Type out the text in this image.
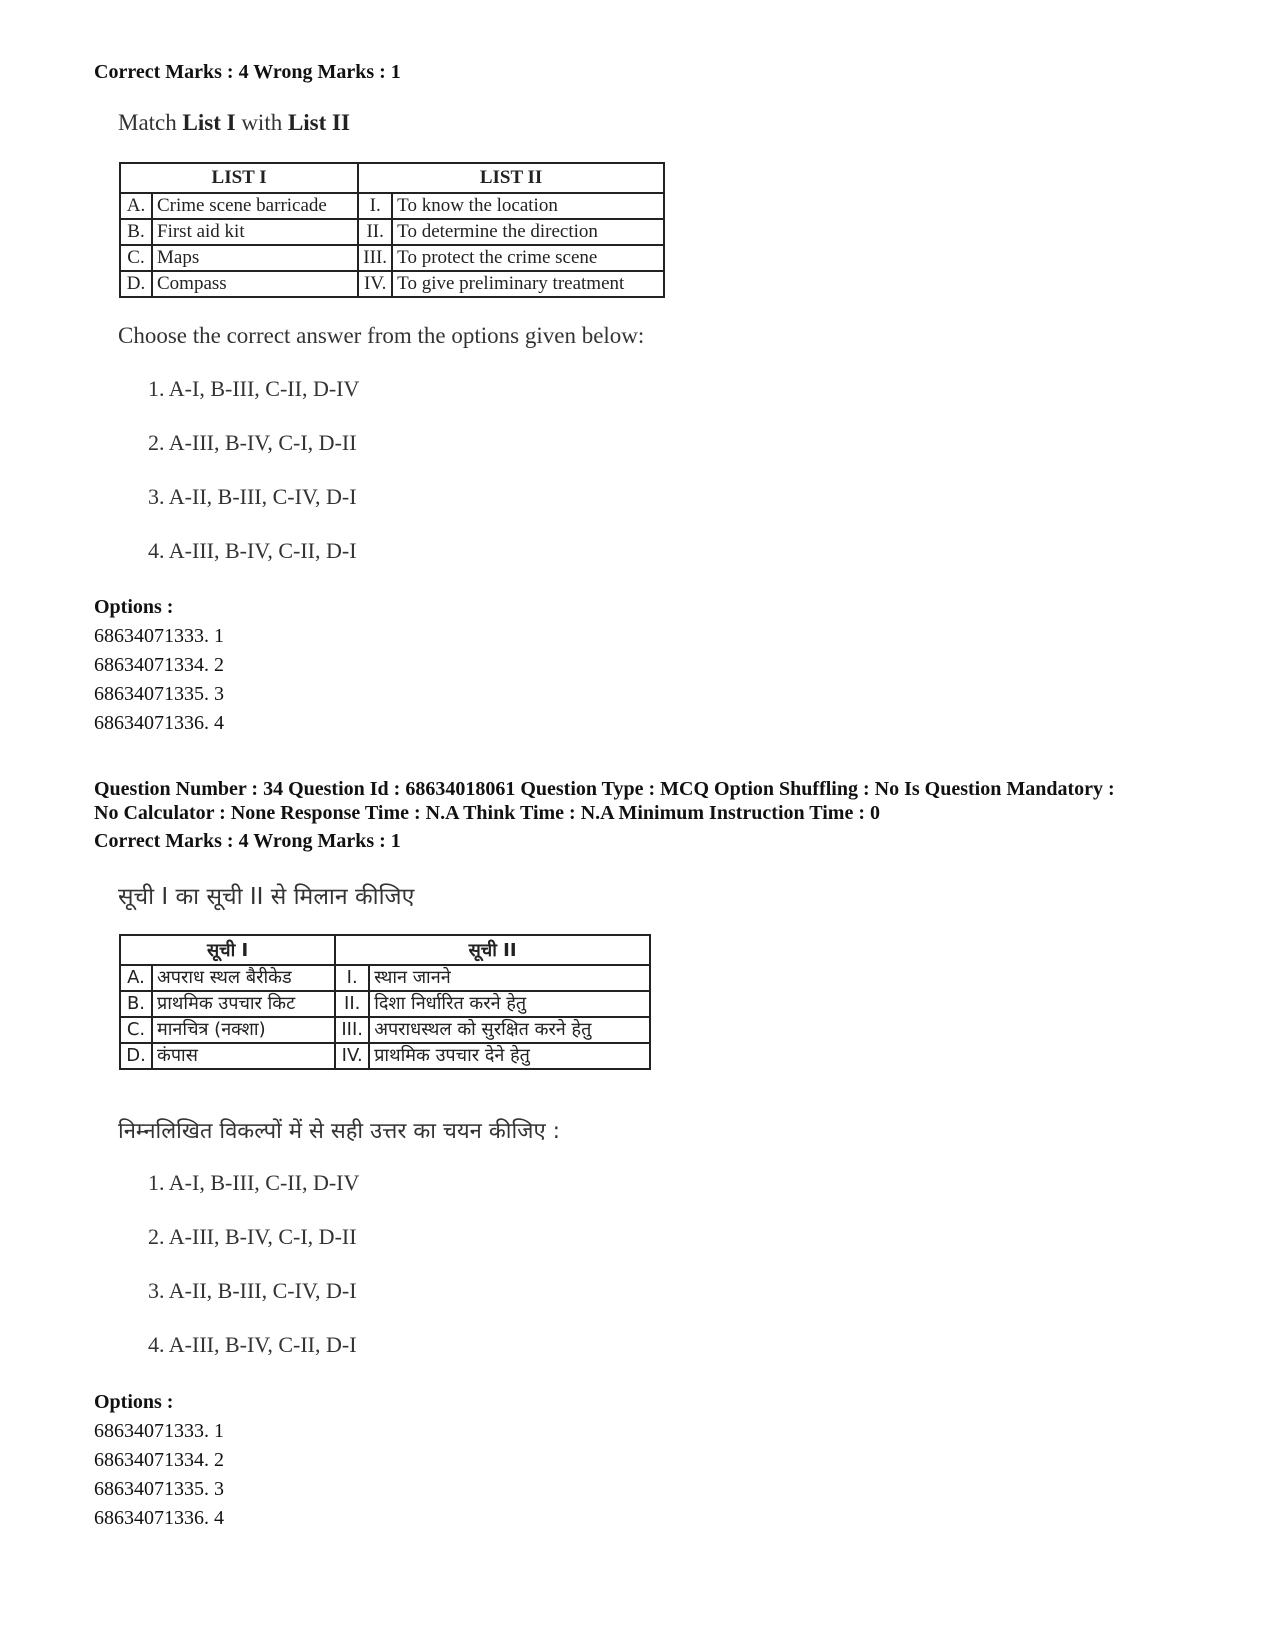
Correct Marks : 4 Wrong Marks : 1
Match List I with List II
LIST I		LIST II	
A.	Crime scene barricade	I.	To know the location
B.	First aid kit	II.	To determine the direction
C.	Maps	III.	To protect the crime scene
D.	Compass	IV.	To give preliminary treatment
Choose the correct answer from the options given below:
1. A-I, B-III, C-II, D-IV
2. A-III, B-IV, C-I, D-II
3. A-II, B-III, C-IV, D-I
4. A-III, B-IV, C-II, D-I
Options :
68634071333. 1
68634071334. 2
68634071335. 3
68634071336. 4
Question Number : 34 Question Id : 68634018061 Question Type : MCQ Option Shuffling : No Is Question Mandatory :
No Calculator : None Response Time : N.A Think Time : N.A Minimum Instruction Time : 0
Correct Marks : 4 Wrong Marks : 1
सूची I का सूची II से मिलान कीजिए
सूची I		सूची II	
A.	अपराध स्थल बैरीकेड	I.	स्थान जानने
B.	प्राथमिक उपचार किट	II.	दिशा निर्धारित करने हेतु
C.	मानचित्र (नक्शा)	III.	अपराधस्थल को सुरक्षित करने हेतु
D.	कंपास	IV.	प्राथमिक उपचार देने हेतु
निम्नलिखित विकल्पों में से सही उत्तर का चयन कीजिए :
1. A-I, B-III, C-II, D-IV
2. A-III, B-IV, C-I, D-II
3. A-II, B-III, C-IV, D-I
4. A-III, B-IV, C-II, D-I
Options :
68634071333. 1
68634071334. 2
68634071335. 3
68634071336. 4
